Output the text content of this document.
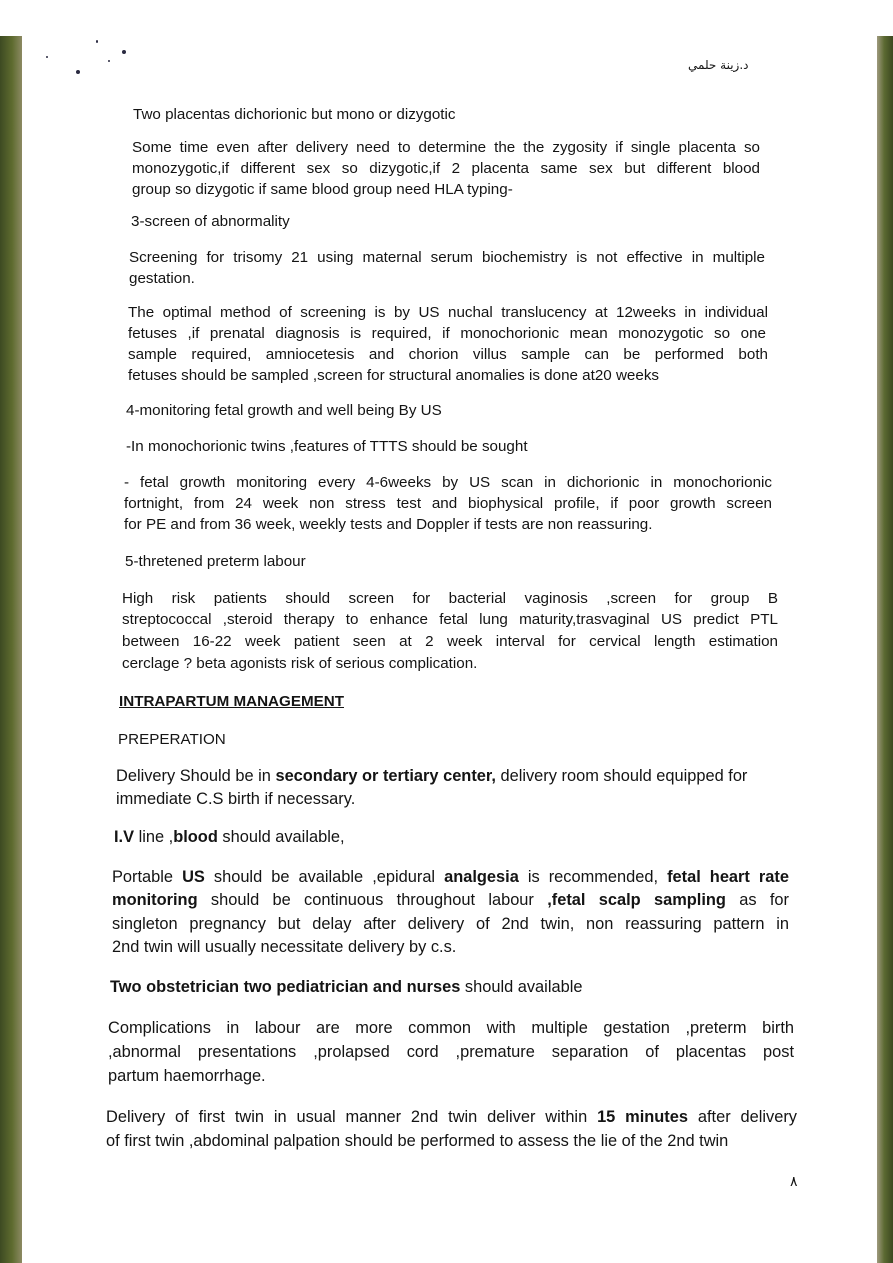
د.زينة حلمي

Two placentas dichorionic but mono or dizygotic

Some time even after delivery need to determine the the zygosity if single placenta so

monozygotic,if different sex so dizygotic,if 2 placenta same sex but different blood

group so dizygotic if same blood group need HLA typing-

3-screen of abnormality

Screening for trisomy 21 using maternal serum biochemistry is not effective in multiple

gestation.

The optimal method of screening is by US nuchal translucency at 12weeks in individual

fetuses ,if prenatal diagnosis is required, if monochorionic mean monozygotic so one

sample required, amniocetesis and chorion villus sample can be performed both

fetuses should be sampled ,screen for structural anomalies is done at20 weeks

4-monitoring fetal growth and well being By US

-In monochorionic twins ,features of TTTS should be sought

- fetal growth monitoring every 4-6weeks by US scan in dichorionic in monochorionic

fortnight, from 24 week non stress test and biophysical profile, if poor growth screen

for PE and from 36 week, weekly tests and Doppler if tests are non reassuring.

5-thretened preterm labour

High risk patients should screen for bacterial vaginosis ,screen for group B

streptococcal ,steroid therapy to enhance fetal lung maturity,trasvaginal US predict PTL

between 16-22 week patient seen at 2 week interval for cervical length estimation

cerclage ? beta agonists risk of serious complication.

INTRAPARTUM MANAGEMENT

PREPERATION

Delivery Should be in secondary or tertiary center, delivery room should equipped for

immediate C.S birth if necessary.

I.V line ,blood should available,

Portable US should be available ,epidural analgesia is recommended, fetal heart rate

monitoring should be continuous throughout labour ,fetal scalp sampling as for

singleton pregnancy but delay after delivery of 2nd twin, non reassuring pattern in

2nd twin will usually necessitate delivery by c.s.

Two obstetrician two pediatrician and nurses should available

Complications in labour are more common with multiple gestation ,preterm birth

,abnormal presentations ,prolapsed cord ,premature separation of placentas post

partum haemorrhage.

Delivery of first twin in usual manner 2nd twin deliver within 15 minutes after delivery

of first twin ,abdominal palpation should be performed to assess the lie of the 2nd twin

٨
